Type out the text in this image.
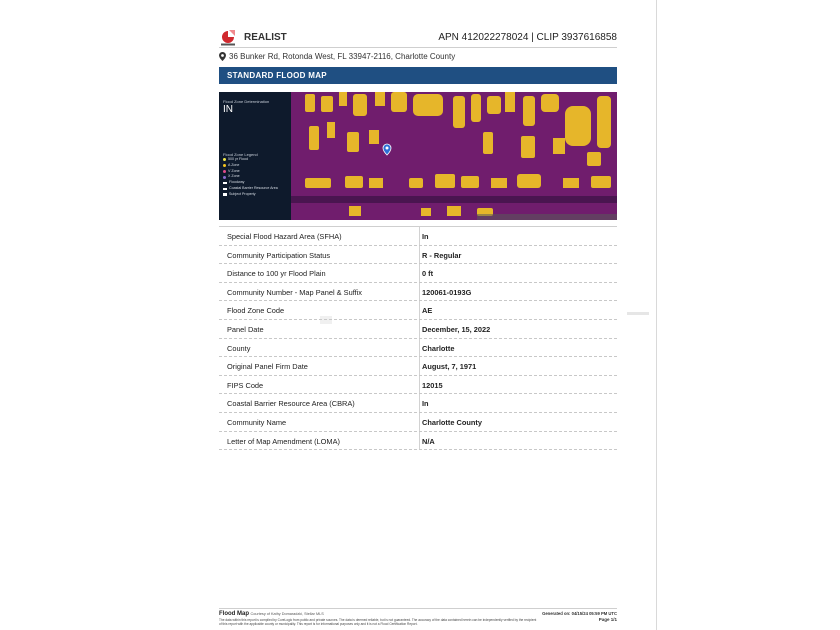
REALIST	APN 412022278024 | CLIP 3937616858
36 Bunker Rd, Rotonda West, FL 33947-2116, Charlotte County
STANDARD FLOOD MAP
Flood Zone Determination
IN
Flood Zone Legend
500 yr Flood
A Zone
V Zone
X Zone
Floodway
Coastal Barrier Resource Area
Subject Property
Special Flood Hazard Area (SFHA)	In
Community Participation Status	R - Regular
Distance to 100 yr Flood Plain	0 ft
Community Number - Map Panel & Suffix	120061-0193G
Flood Zone Code	AE
Panel Date	December, 15, 2022
County	Charlotte
Original Panel Firm Date	August, 7, 1971
FIPS Code	12015
Coastal Barrier Resource Area (CBRA)	In
Community Name	Charlotte County
Letter of Map Amendment (LOMA)	N/A
Flood Map Courtesy of Kathy Domaradzki, Stellar MLS	Generated on: 04/15/24 05:59 PM UTC
The data within this report is compiled by CoreLogic from public and private sources. The data is deemed reliable, but is not guaranteed. The accuracy of the data contained herein can be independently verified by the recipient of this report with the applicable county or municipality. This report is for informational purposes only and it is not a Flood Certification Report.
Page 1/1
